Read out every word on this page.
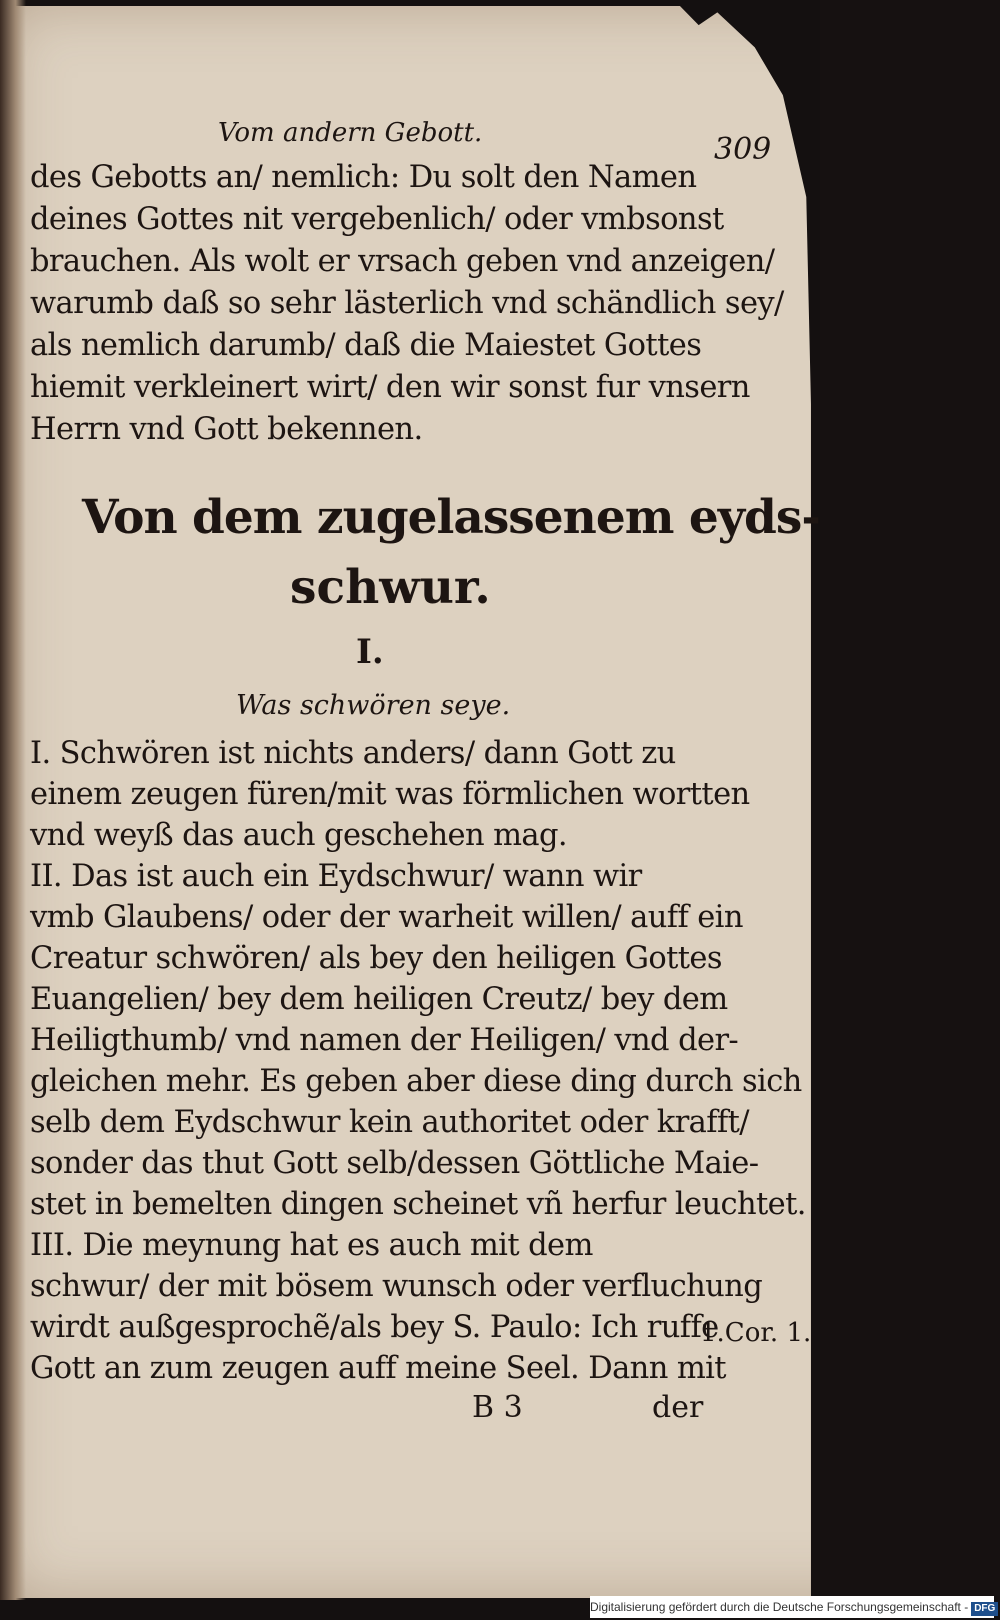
Vom andern Gebott.	309
des Gebotts an/ nemlich: Du solt den Namen
deines Gottes nit vergebenlich/ oder vmbsonst
brauchen. Als wolt er vrsach geben vnd anzeigen/
warumb daß so sehr lästerlich vnd schändlich sey/
als nemlich darumb/ daß die Maiestet Gottes
hiemit verkleinert wirt/ den wir sonst fur vnsern
Herrn vnd Gott bekennen.
Von dem zugelassenem eyds-
schwur.
I.
Was schwören seye.
I. Schwören ist nichts anders/ dann Gott zu
einem zeugen füren/mit was förmlichen wortten
vnd weyß das auch geschehen mag.
II. Das ist auch ein Eydschwur/ wann wir
vmb Glaubens/ oder der warheit willen/ auff ein
Creatur schwören/ als bey den heiligen Gottes
Euangelien/ bey dem heiligen Creutz/ bey dem
Heiligthumb/ vnd namen der Heiligen/ vnd der-
gleichen mehr. Es geben aber diese ding durch sich
selb dem Eydschwur kein authoritet oder krafft/
sonder das thut Gott selb/dessen Göttliche Maie-
stet in bemelten dingen scheinet vñ herfur leuchtet.
III. Die meynung hat es auch mit dem
schwur/ der mit bösem wunsch oder verfluchung
wirdt außgesprochẽ/als bey S. Paulo: Ich ruffe
Gott an zum zeugen auff meine Seel. Dann mit
1.Cor. 1.
B 3	der
Digitalisierung gefördert durch die Deutsche Forschungsgemeinschaft - DFG
